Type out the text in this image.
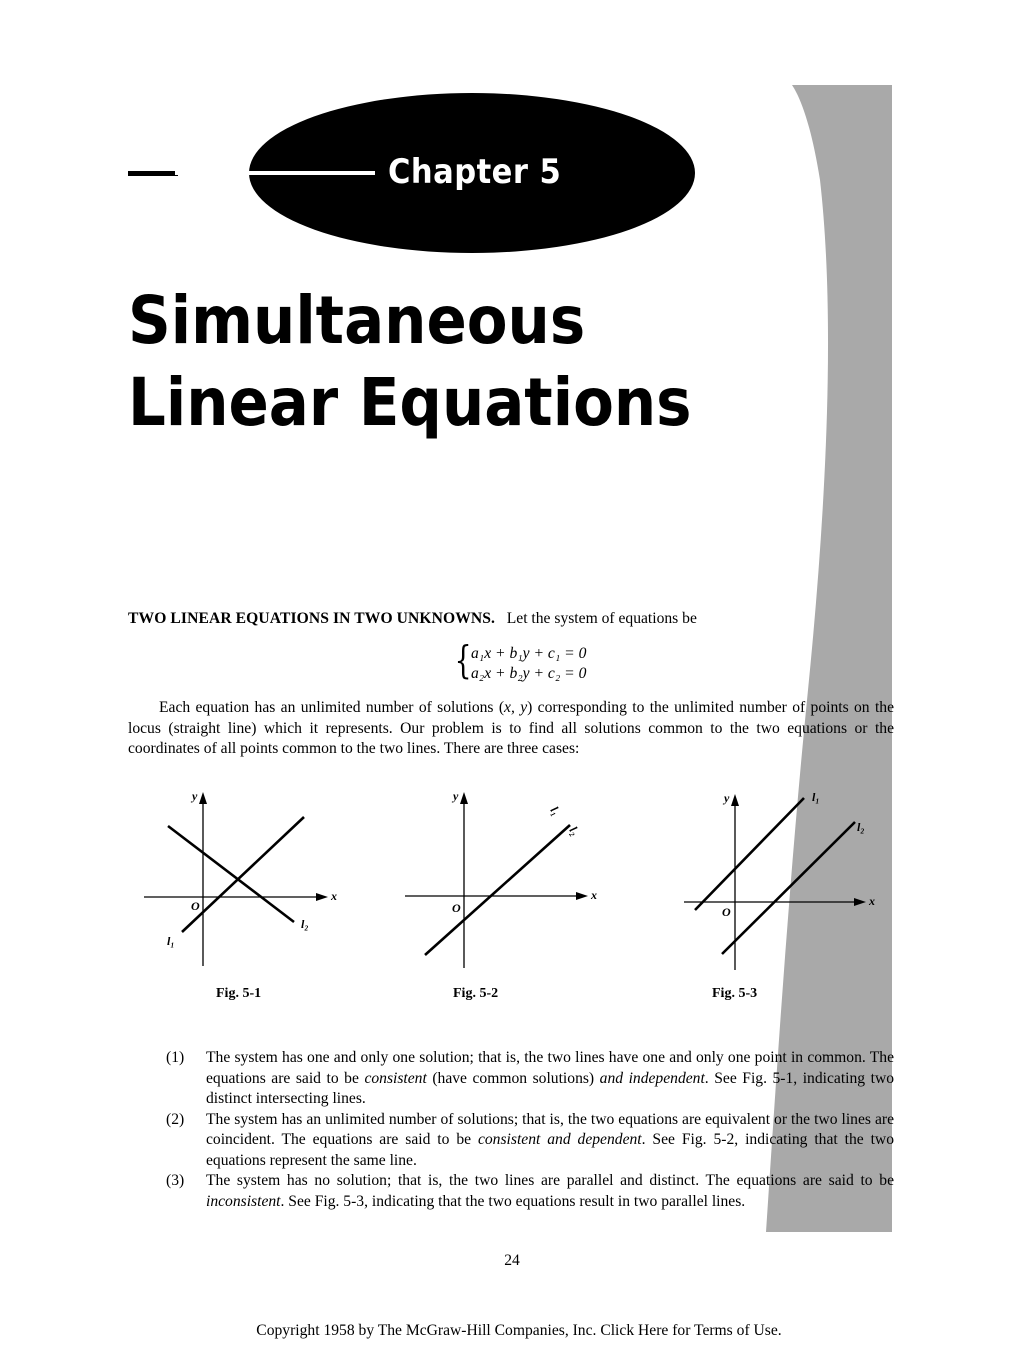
Chapter 5
Simultaneous
Linear Equations
TWO LINEAR EQUATIONS IN TWO UNKNOWNS. Let the system of equations be
{ a₁x + b₁y + c₁ = 0
a₂x + b₂y + c₂ = 0
Each equation has an unlimited number of solutions (x, y) corresponding to the unlimited number of points on the locus (straight line) which it represents. Our problem is to find all solutions common to the two equations or the coordinates of all points common to the two lines. There are three cases:
y
x
O
l₁
l₂
Fig. 5-1
y
x
O
l₁
l₂
Fig. 5-2
y
x
O
l₁
l₂
Fig. 5-3
(1) The system has one and only one solution; that is, the two lines have one and only one point in common. The equations are said to be consistent (have common solutions) and independent. See Fig. 5-1, indicating two distinct intersecting lines.
(2) The system has an unlimited number of solutions; that is, the two equations are equivalent or the two lines are coincident. The equations are said to be consistent and dependent. See Fig. 5-2, indicating that the two equations represent the same line.
(3) The system has no solution; that is, the two lines are parallel and distinct. The equations are said to be inconsistent. See Fig. 5-3, indicating that the two equations result in two parallel lines.
24
Copyright 1958 by The McGraw-Hill Companies, Inc. Click Here for Terms of Use.
